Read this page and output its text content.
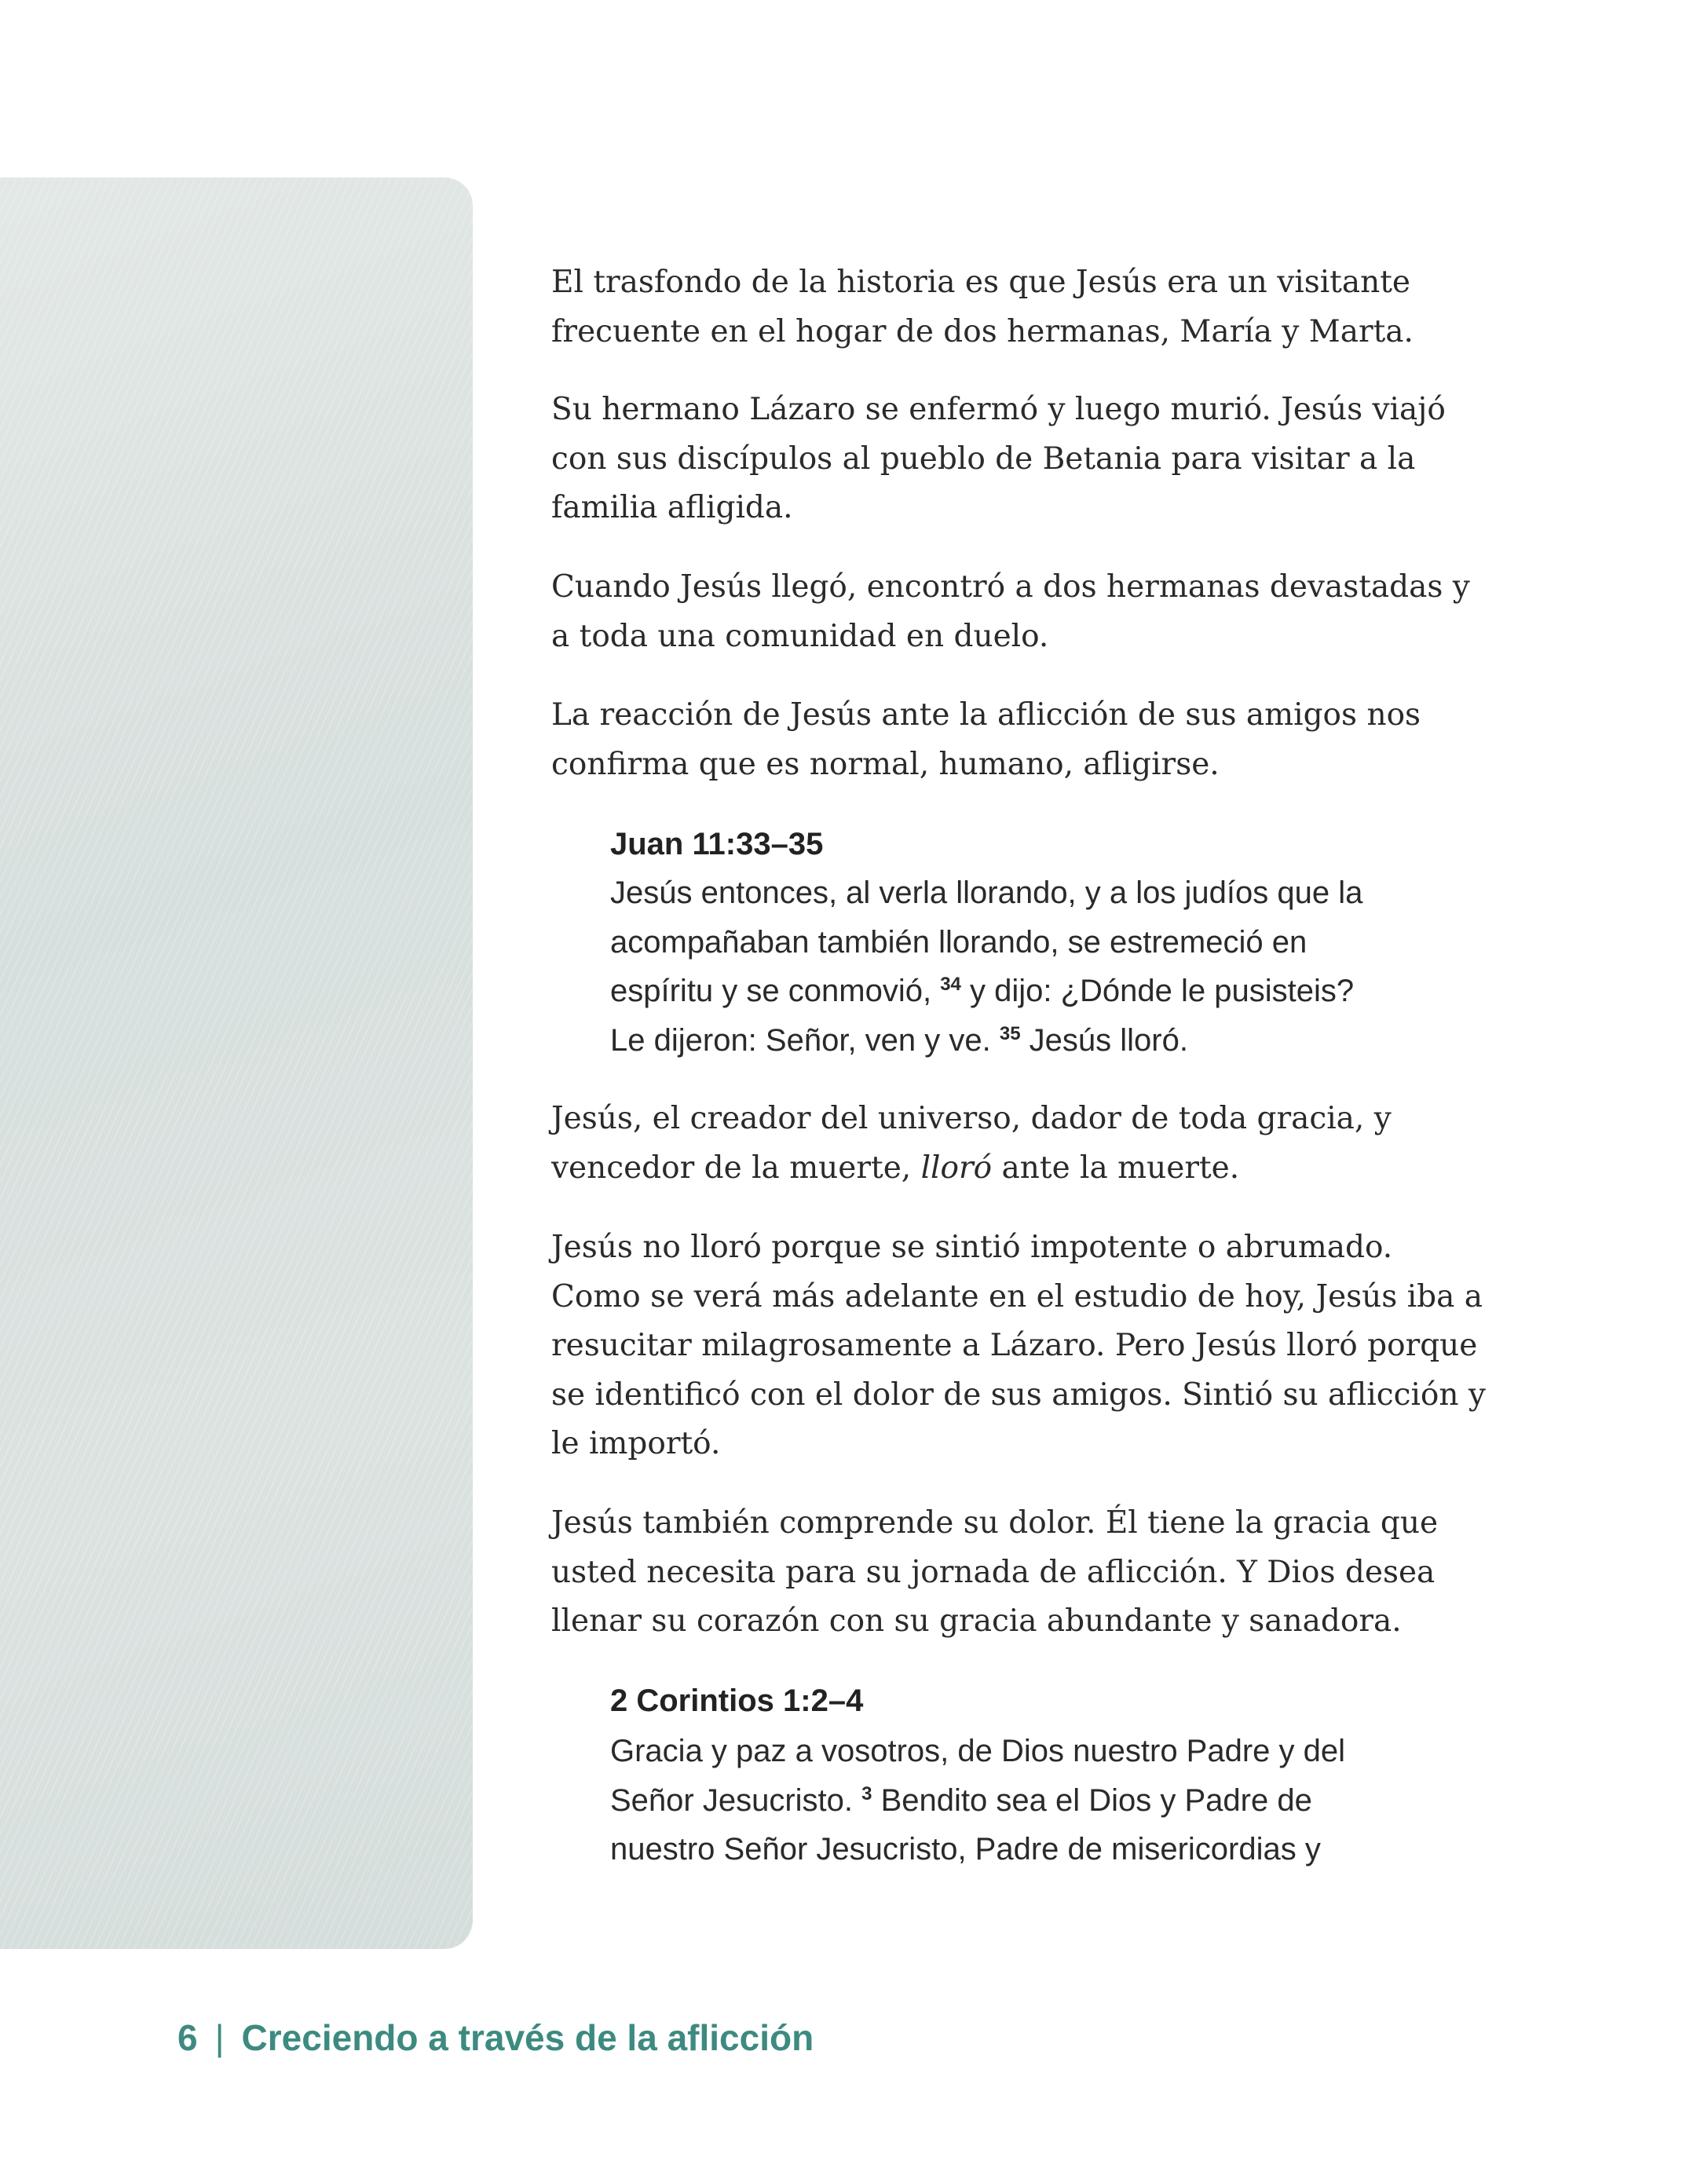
El trasfondo de la historia es que Jesús era un visitante
frecuente en el hogar de dos hermanas, María y Marta.
Su hermano Lázaro se enfermó y luego murió. Jesús viajó
con sus discípulos al pueblo de Betania para visitar a la
familia afligida.
Cuando Jesús llegó, encontró a dos hermanas devastadas y
a toda una comunidad en duelo.
La reacción de Jesús ante la aflicción de sus amigos nos
confirma que es normal, humano, afligirse.
Juan 11:33–35
Jesús entonces, al verla llorando, y a los judíos que la
acompañaban también llorando, se estremeció en
espíritu y se conmovió, $^{34}$ y dijo: ¿Dónde le pusisteis?
Le dijeron: Señor, ven y ve. $^{35}$ Jesús lloró.
Jesús, el creador del universo, dador de toda gracia, y
vencedor de la muerte, lloró ante la muerte.
Jesús no lloró porque se sintió impotente o abrumado.
Como se verá más adelante en el estudio de hoy, Jesús iba a
resucitar milagrosamente a Lázaro. Pero Jesús lloró porque
se identificó con el dolor de sus amigos. Sintió su aflicción y
le importó.
Jesús también comprende su dolor. Él tiene la gracia que
usted necesita para su jornada de aflicción. Y Dios desea
llenar su corazón con su gracia abundante y sanadora.
2 Corintios 1:2–4
Gracia y paz a vosotros, de Dios nuestro Padre y del
Señor Jesucristo. $^3$ Bendito sea el Dios y Padre de
nuestro Señor Jesucristo, Padre de misericordias y
6 | Creciendo a través de la aflicción
